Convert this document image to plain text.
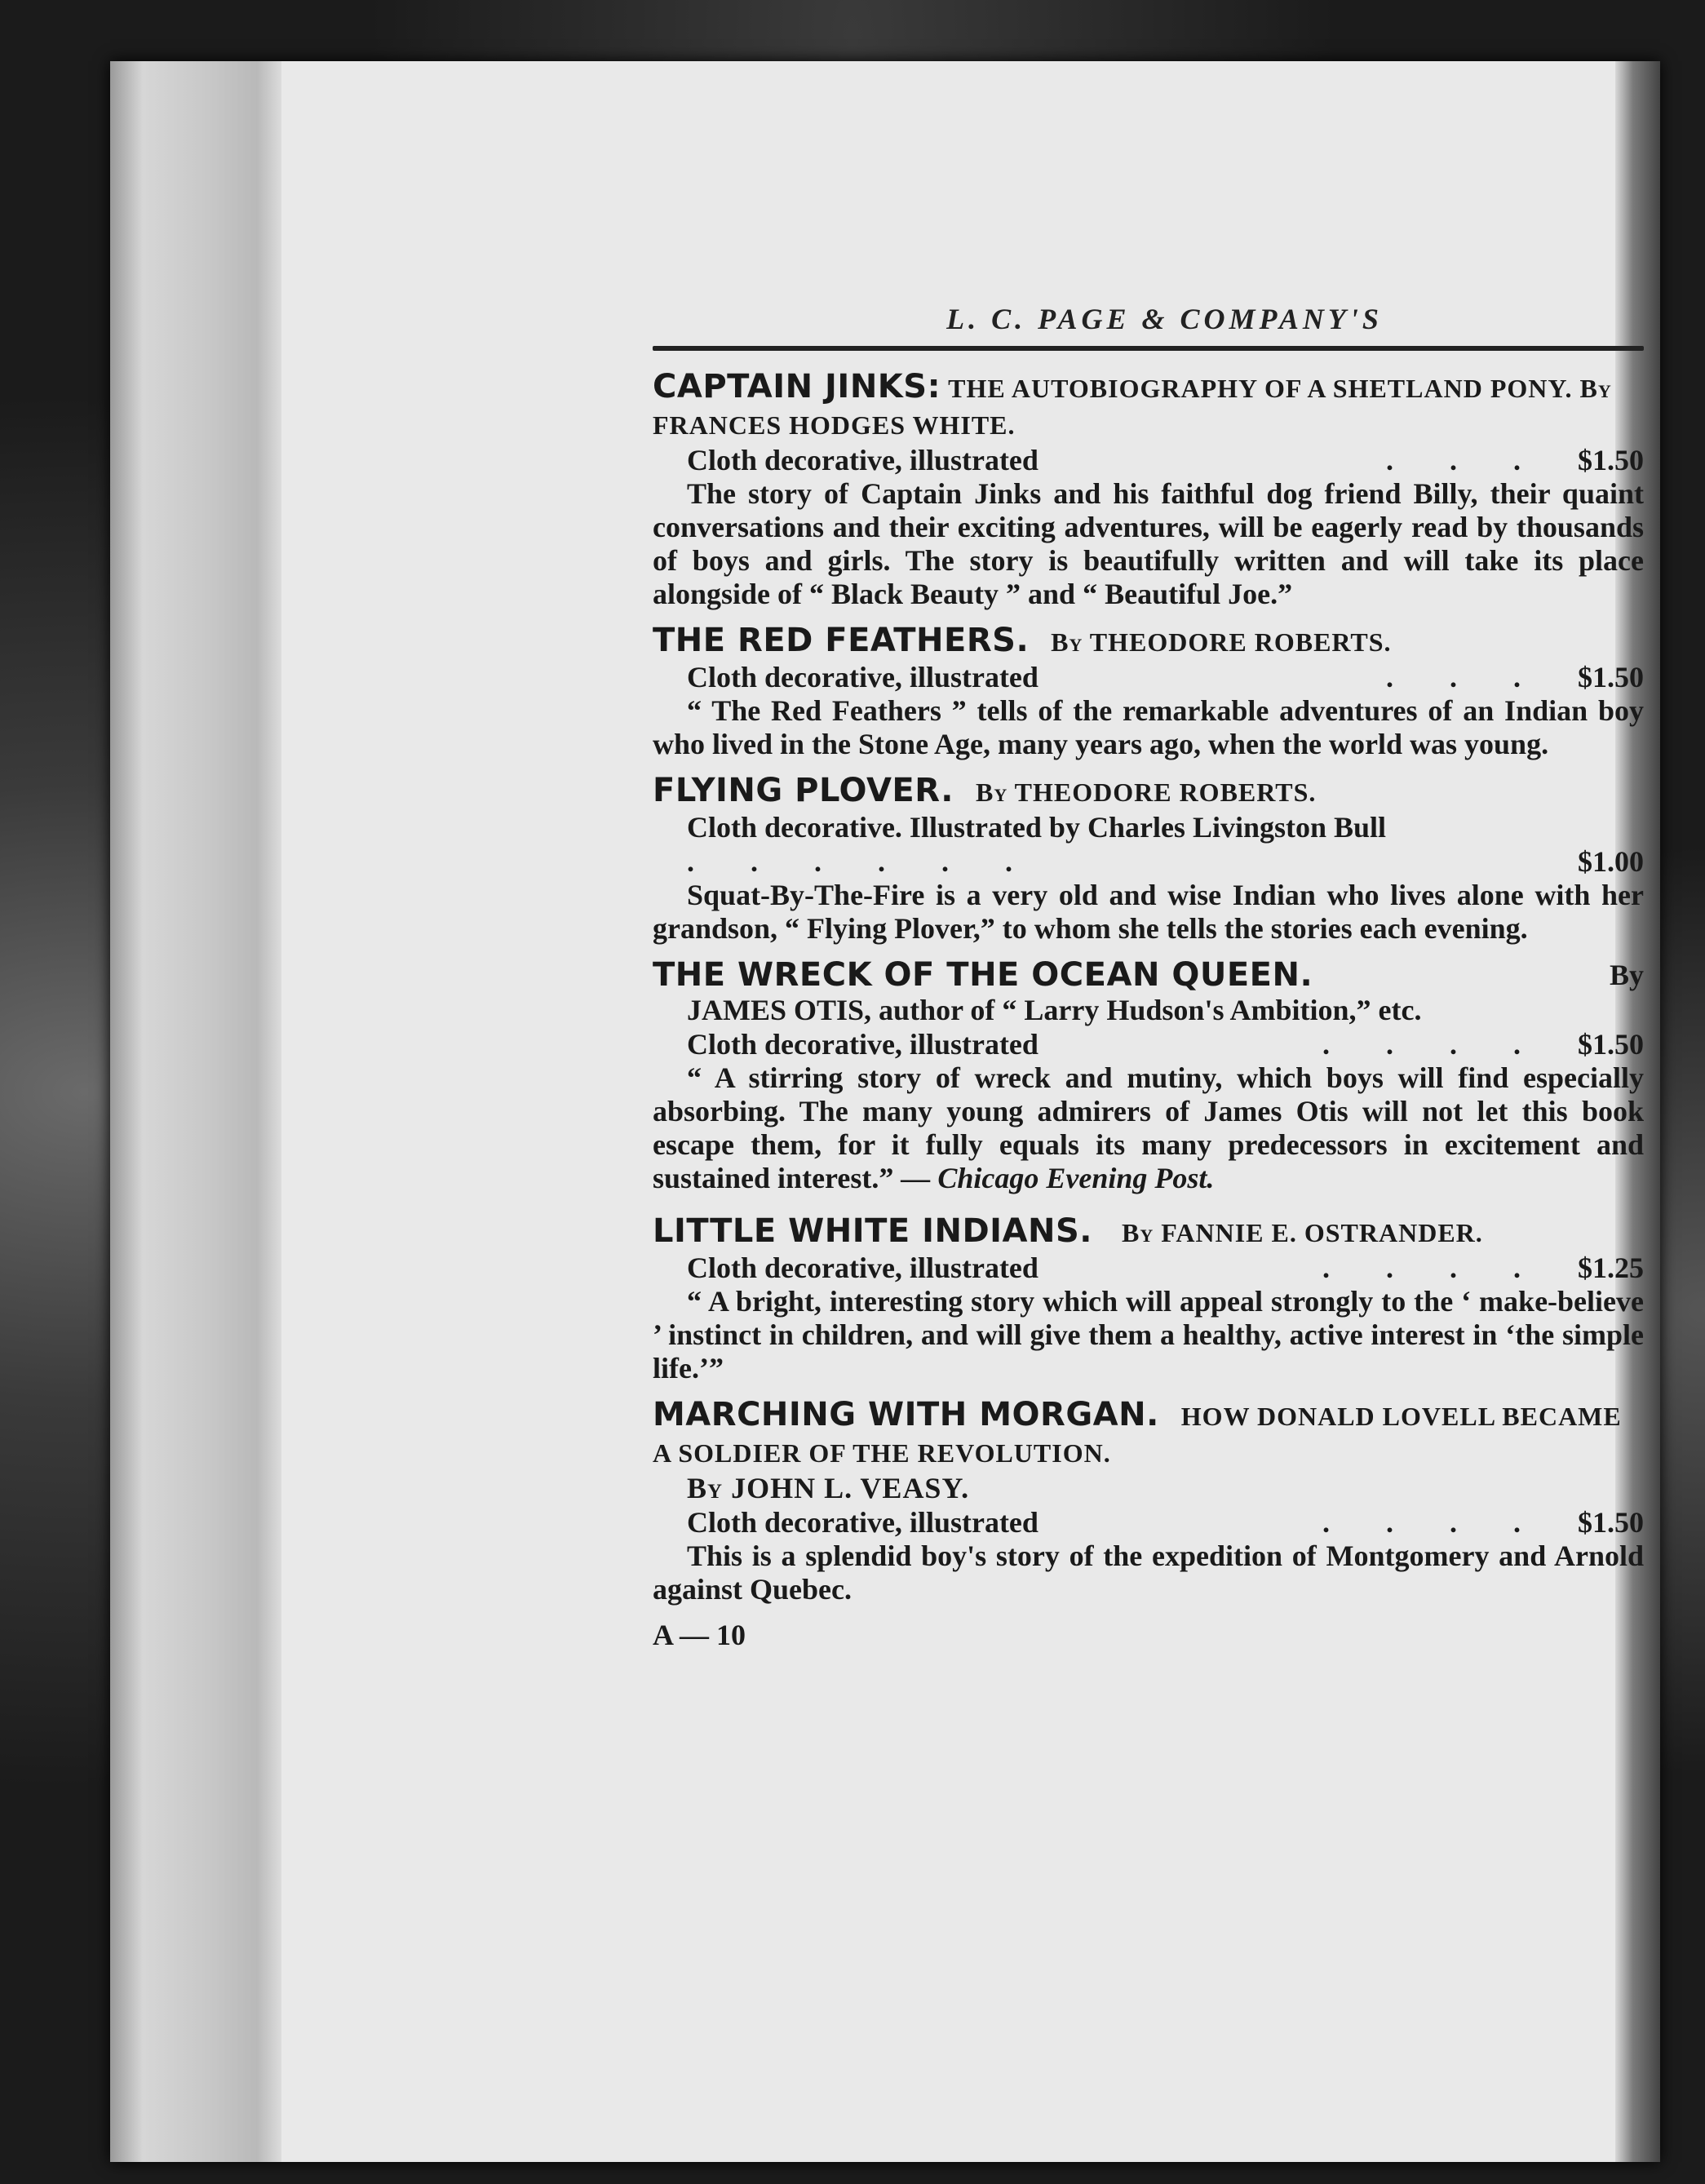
L. C. PAGE & COMPANY'S
CAPTAIN JINKS: THE AUTOBIOGRAPHY OF A SHETLAND PONY. By FRANCES HODGES WHITE.
Cloth decorative, illustrated	. . .	$1.50
The story of Captain Jinks and his faithful dog friend Billy, their quaint conversations and their exciting adventures, will be eagerly read by thousands of boys and girls. The story is beautifully written and will take its place alongside of “ Black Beauty ” and “ Beautiful Joe.”
THE RED FEATHERS. By THEODORE ROBERTS.
Cloth decorative, illustrated	. . .	$1.50
“ The Red Feathers ” tells of the remarkable adventures of an Indian boy who lived in the Stone Age, many years ago, when the world was young.
FLYING PLOVER. By THEODORE ROBERTS.
Cloth decorative. Illustrated by Charles Livingston Bull
. . . . . .	$1.00
Squat-By-The-Fire is a very old and wise Indian who lives alone with her grandson, “ Flying Plover,” to whom she tells the stories each evening.
THE WRECK OF THE OCEAN QUEEN.	By
JAMES OTIS, author of “ Larry Hudson's Ambition,” etc.
Cloth decorative, illustrated	. . . .	$1.50
“ A stirring story of wreck and mutiny, which boys will find especially absorbing. The many young admirers of James Otis will not let this book escape them, for it fully equals its many predecessors in excitement and sustained interest.” — Chicago Evening Post.
LITTLE WHITE INDIANS. By FANNIE E. OSTRANDER.
Cloth decorative, illustrated	. . . .	$1.25
“ A bright, interesting story which will appeal strongly to the ‘ make-believe ’ instinct in children, and will give them a healthy, active interest in ‘the simple life.’”
MARCHING WITH MORGAN. HOW DONALD LOVELL BECAME A SOLDIER OF THE REVOLUTION.
By JOHN L. VEASY.
Cloth decorative, illustrated	. . . .	$1.50
This is a splendid boy's story of the expedition of Montgomery and Arnold against Quebec.
A — 10
